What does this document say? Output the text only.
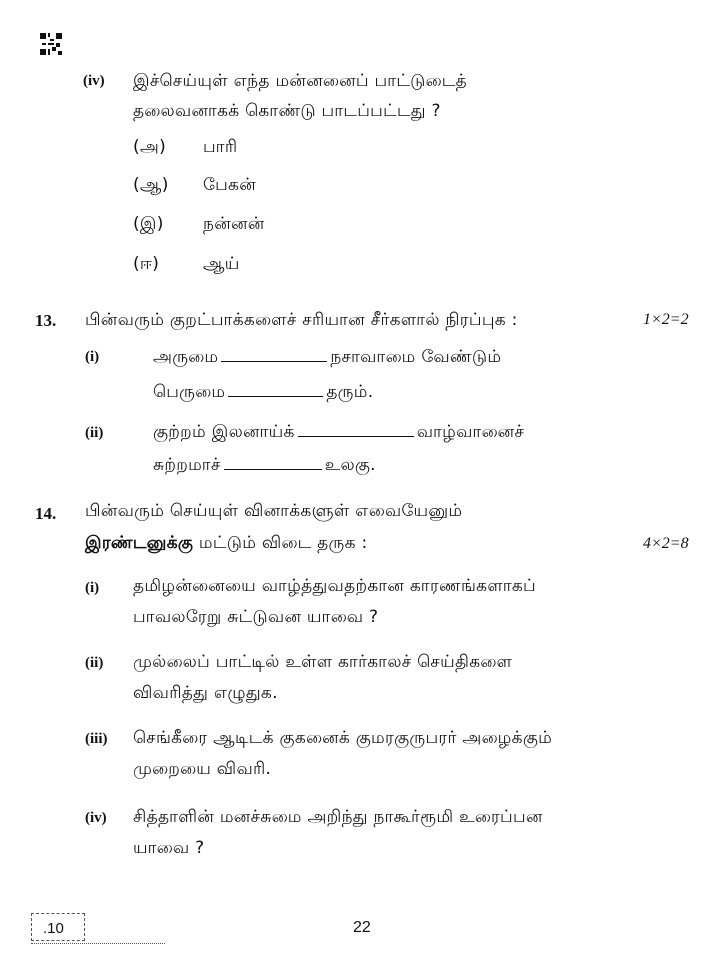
(iv) இச்செய்யுள் எந்த மன்னனைப் பாட்டுடைத்
தலைவனாகக் கொண்டு பாடப்பட்டது ?
(அ) பாரி
(ஆ) பேகன்
(இ) நன்னன்
(ஈ)	ஆய்
13. பின்வரும் குறட்பாக்களைச் சரியான சீர்களால் நிரப்புக :	1×2=2
(i)	அருமை	நசாவாமை வேண்டும்
பெருமை	தரும்.
(ii)	குற்றம் இலனாய்க்	வாழ்வானைச்
சுற்றமாச்	உலகு.
14. பின்வரும் செய்யுள் வினாக்களுள் எவையேனும்
இரண்டனுக்கு மட்டும் விடை தருக :	4×2=8
(i) தமிழன்னையை வாழ்த்துவதற்கான காரணங்களாகப்
பாவலரேறு சுட்டுவன யாவை ?
(ii) முல்லைப் பாட்டில் உள்ள கார்காலச் செய்திகளை
விவரித்து எழுதுக.
(iii) செங்கீரை ஆடிடக் குகனைக் குமரகுருபரர் அழைக்கும்
முறையை விவரி.
(iv) சித்தாளின் மனச்சுமை அறிந்து நாகூர்ரூமி உரைப்பன
யாவை ?
.10	22
